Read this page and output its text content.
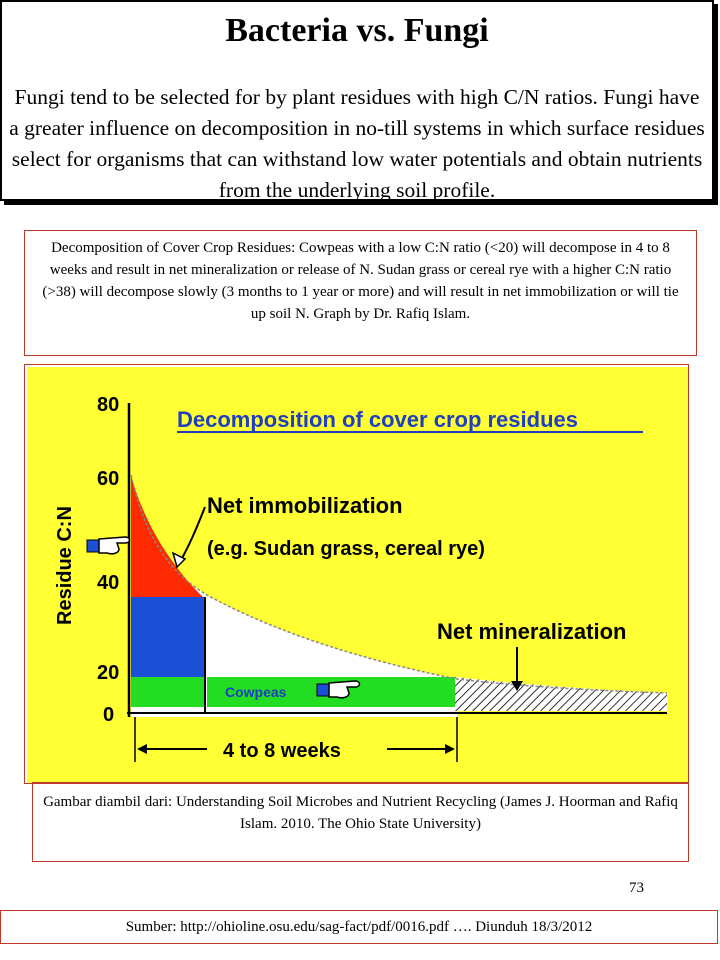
Bacteria vs. Fungi
Fungi tend to be selected for by plant residues with high C/N ratios. Fungi have a greater influence on decomposition in no-till systems in which surface residues select for organisms that can withstand low water potentials and obtain nutrients from the underlying soil profile.
Decomposition of Cover Crop Residues: Cowpeas with a low C:N ratio (<20) will decompose in 4 to 8 weeks and result in net mineralization or release of N. Sudan grass or cereal rye with a higher C:N ratio (>38) will decompose slowly (3 months to 1 year or more) and will result in net immobilization or will tie up soil N. Graph by Dr. Rafiq Islam.
Decomposition of cover crop residues
80
60
40
20
0
Residue C:N
Net immobilization
(e.g. Sudan grass, cereal rye)
Net mineralization
Cowpeas
4 to 8 weeks
Gambar diambil dari: Understanding Soil Microbes and Nutrient Recycling (James J. Hoorman and Rafiq Islam. 2010. The Ohio State University)
73
Sumber: http://ohioline.osu.edu/sag-fact/pdf/0016.pdf …. Diunduh 18/3/2012
